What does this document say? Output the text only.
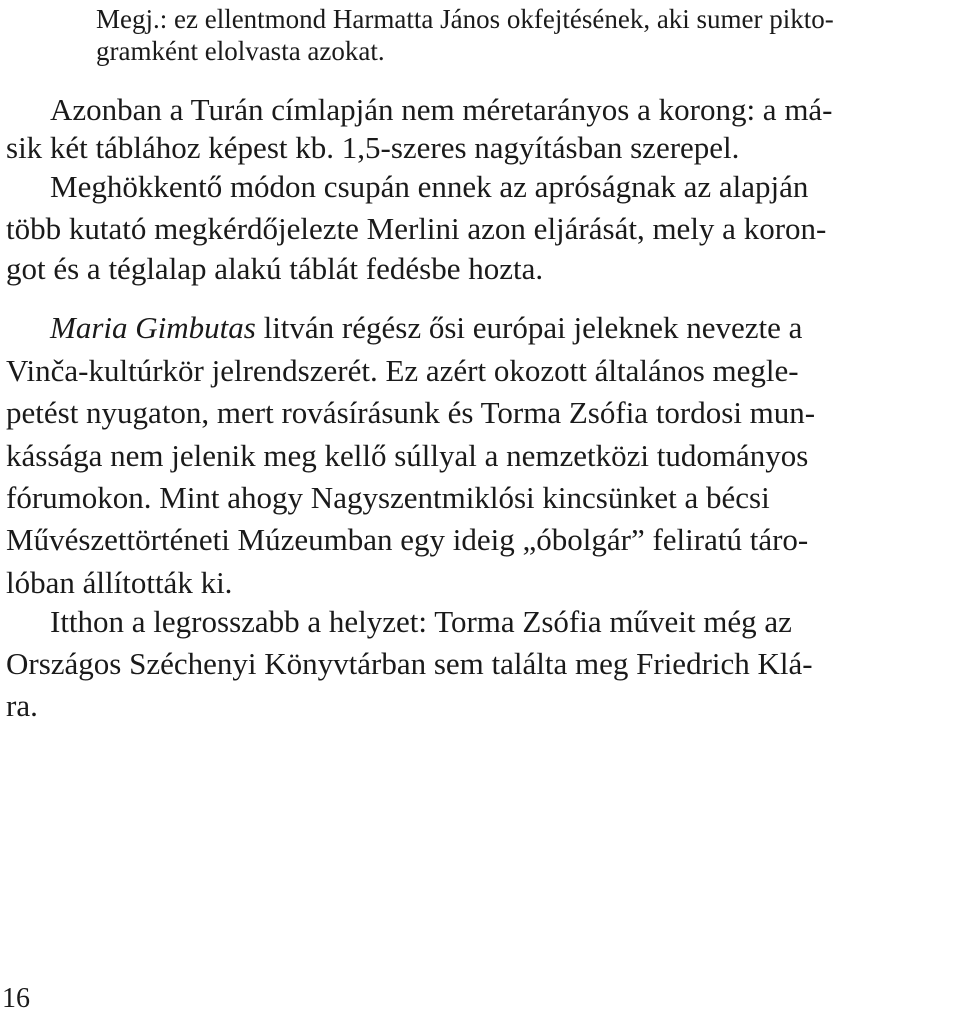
Megj.: ez ellentmond Harmatta János okfejtésének, aki sumer pikto-

gramként elolvasta azokat.

Azonban a Turán címlapján nem méretarányos a korong: a má-

sik két táblához képest kb. 1,5-szeres nagyításban szerepel.

Meghökkentő módon csupán ennek az apróságnak az alapján

több kutató megkérdőjelezte Merlini azon eljárását, mely a koron-

got és a téglalap alakú táblát fedésbe hozta.

Maria Gimbutas litván régész ősi európai jeleknek nevezte a

Vinča-kultúrkör jelrendszerét. Ez azért okozott általános megle-

petést nyugaton, mert rovásírásunk és Torma Zsófia tordosi mun-

kássága nem jelenik meg kellő súllyal a nemzetközi tudományos

fórumokon. Mint ahogy Nagyszentmiklósi kincsünket a bécsi

Művészettörténeti Múzeumban egy ideig „óbolgár” feliratú táro-

lóban állították ki.

Itthon a legrosszabb a helyzet: Torma Zsófia műveit még az

Országos Széchenyi Könyvtárban sem találta meg Friedrich Klá-

ra.

16
